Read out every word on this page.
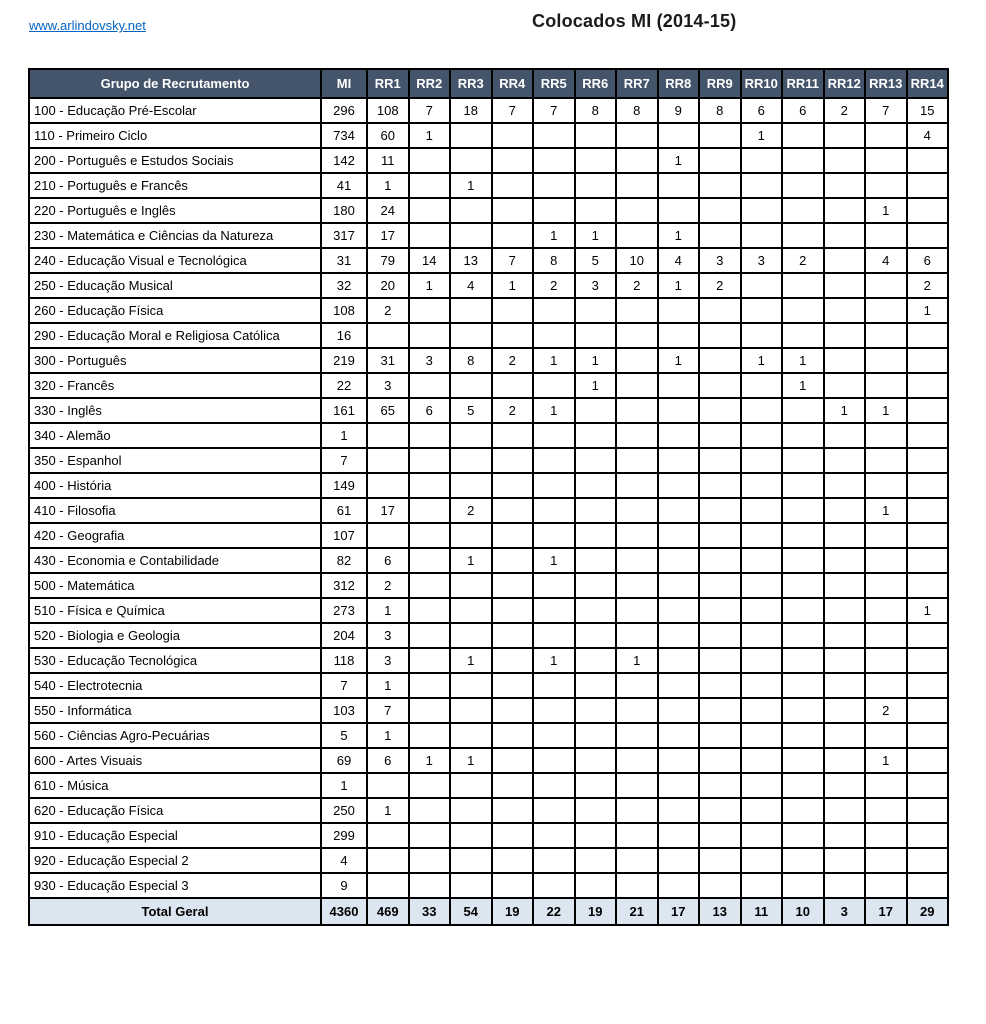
www.arlindovsky.net	Colocados MI (2014-15)
Grupo de Recrutamento	MI	RR1	RR2	RR3	RR4	RR5	RR6	RR7	RR8	RR9	RR10	RR11	RR12	RR13	RR14
100 - Educação Pré-Escolar	296	108	7	18	7	7	8	8	9	8	6	6	2	7	15
110 - Primeiro Ciclo	734	60	1								1				4
200 - Português e Estudos Sociais	142	11							1						
210 - Português e Francês	41	1		1											
220 - Português e Inglês	180	24												1	
230 - Matemática e Ciências da Natureza	317	17				1	1		1						
240 - Educação Visual e Tecnológica	31	79	14	13	7	8	5	10	4	3	3	2		4	6
250 - Educação Musical	32	20	1	4	1	2	3	2	1	2					2
260 - Educação Física	108	2													1
290 - Educação Moral e Religiosa Católica	16														
300 - Português	219	31	3	8	2	1	1		1		1	1			
320 - Francês	22	3					1					1			
330 - Inglês	161	65	6	5	2	1							1	1	
340 - Alemão	1														
350 - Espanhol	7														
400 - História	149														
410 - Filosofia	61	17		2										1	
420 - Geografia	107														
430 - Economia e Contabilidade	82	6		1		1									
500 - Matemática	312	2													
510 - Física e Química	273	1													1
520 - Biologia e Geologia	204	3													
530 - Educação Tecnológica	118	3		1		1		1							
540 - Electrotecnia	7	1													
550 - Informática	103	7												2	
560 - Ciências Agro-Pecuárias	5	1													
600 - Artes Visuais	69	6	1	1										1	
610 - Música	1														
620 - Educação Física	250	1													
910 - Educação Especial	299														
920 - Educação Especial 2	4														
930 - Educação Especial 3	9														
Total Geral	4360	469	33	54	19	22	19	21	17	13	11	10	3	17	29
